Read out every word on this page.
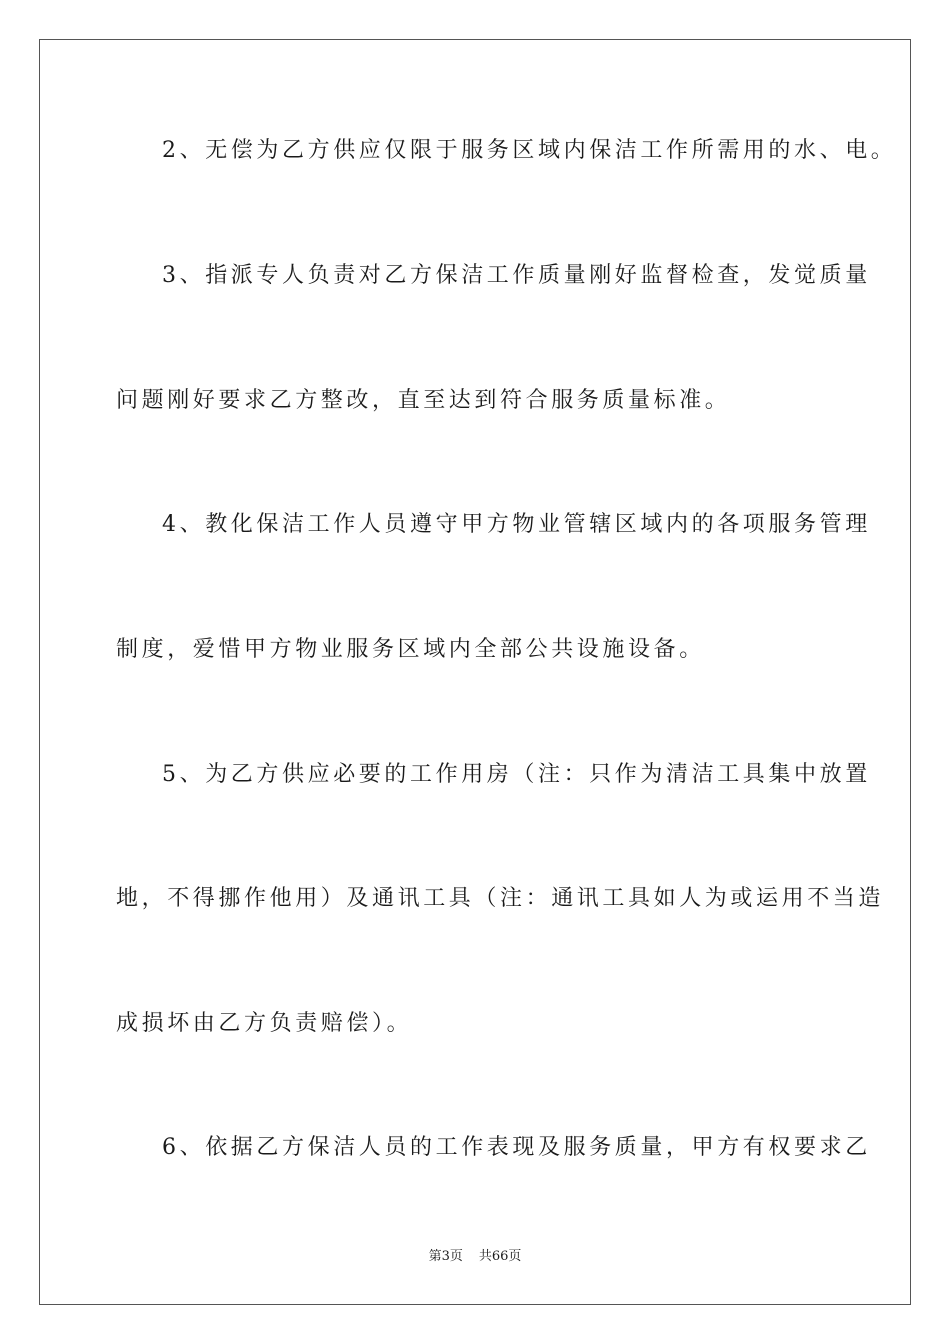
2、无偿为乙方供应仅限于服务区域内保洁工作所需用的水、电。
3、指派专人负责对乙方保洁工作质量刚好监督检查，发觉质量
问题刚好要求乙方整改，直至达到符合服务质量标准。
4、教化保洁工作人员遵守甲方物业管辖区域内的各项服务管理
制度，爱惜甲方物业服务区域内全部公共设施设备。
5、为乙方供应必要的工作用房（注：只作为清洁工具集中放置
地，不得挪作他用）及通讯工具（注：通讯工具如人为或运用不当造
成损坏由乙方负责赔偿）。
6、依据乙方保洁人员的工作表现及服务质量，甲方有权要求乙
第3页 共66页
